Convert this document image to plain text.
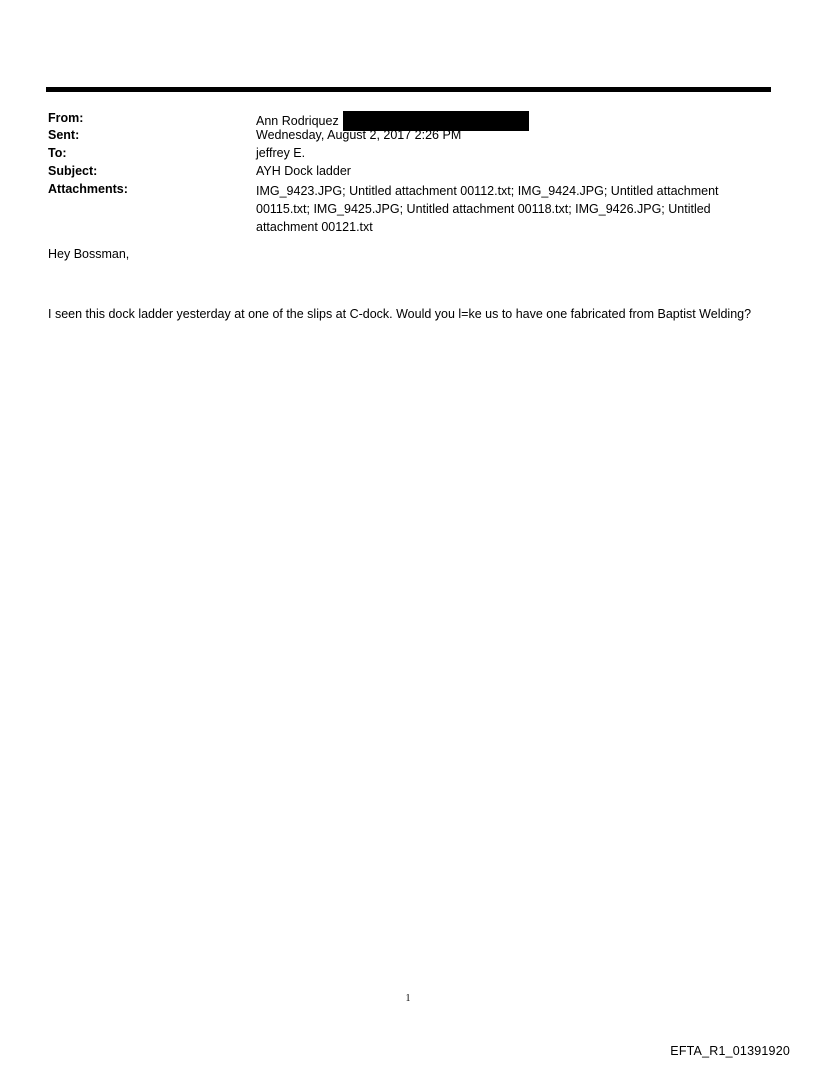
From:	Ann Rodriquez
Sent:	Wednesday, August 2, 2017 2:26 PM
To:	jeffrey E.
Subject:	AYH Dock ladder
Attachments:	IMG_9423.JPG; Untitled attachment 00112.txt; IMG_9424.JPG; Untitled attachment 00115.txt; IMG_9425.JPG; Untitled attachment 00118.txt; IMG_9426.JPG; Untitled attachment 00121.txt
Hey Bossman,
I seen this dock ladder yesterday at one of the slips at C-dock. Would you l=ke us to have one fabricated from Baptist Welding?
1
EFTA_R1_01391920
